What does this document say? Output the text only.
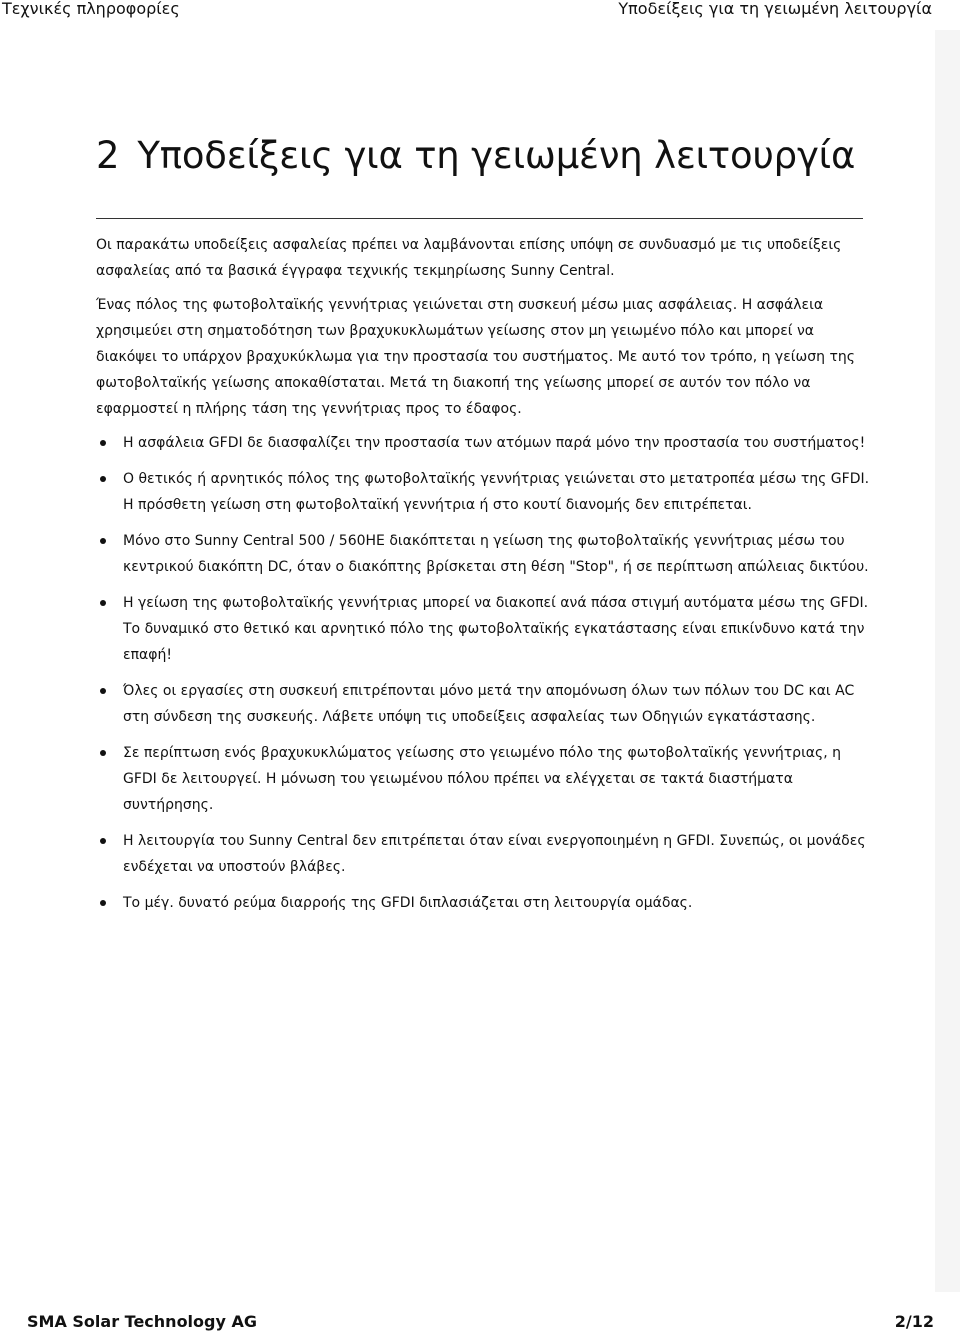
Τεχνικές πληροφορίες	Υποδείξεις για τη γειωμένη λειτουργία
2 Υποδείξεις για τη γειωμένη λειτουργία

Οι παρακάτω υποδείξεις ασφαλείας πρέπει να λαμβάνονται επίσης υπόψη σε συνδυασμό με τις υποδείξεις ασφαλείας από τα βασικά έγγραφα τεχνικής τεκμηρίωσης Sunny Central.

Ένας πόλος της φωτοβολταϊκής γεννήτριας γειώνεται στη συσκευή μέσω μιας ασφάλειας. Η ασφάλεια χρησιμεύει στη σηματοδότηση των βραχυκυκλωμάτων γείωσης στον μη γειωμένο πόλο και μπορεί να διακόψει το υπάρχον βραχυκύκλωμα για την προστασία του συστήματος. Με αυτό τον τρόπο, η γείωση της φωτοβολταϊκής γείωσης αποκαθίσταται. Μετά τη διακοπή της γείωσης μπορεί σε αυτόν τον πόλο να εφαρμοστεί η πλήρης τάση της γεννήτριας προς το έδαφος.

Η ασφάλεια GFDI δε διασφαλίζει την προστασία των ατόμων παρά μόνο την προστασία του συστήματος!
Ο θετικός ή αρνητικός πόλος της φωτοβολταϊκής γεννήτριας γειώνεται στο μετατροπέα μέσω της GFDI. Η πρόσθετη γείωση στη φωτοβολταϊκή γεννήτρια ή στο κουτί διανομής δεν επιτρέπεται.
Μόνο στο Sunny Central 500 / 560HE διακόπτεται η γείωση της φωτοβολταϊκής γεννήτριας μέσω του κεντρικού διακόπτη DC, όταν ο διακόπτης βρίσκεται στη θέση "Stop", ή σε περίπτωση απώλειας δικτύου.
Η γείωση της φωτοβολταϊκής γεννήτριας μπορεί να διακοπεί ανά πάσα στιγμή αυτόματα μέσω της GFDI. Το δυναμικό στο θετικό και αρνητικό πόλο της φωτοβολταϊκής εγκατάστασης είναι επικίνδυνο κατά την επαφή!
Όλες οι εργασίες στη συσκευή επιτρέπονται μόνο μετά την απομόνωση όλων των πόλων του DC και AC στη σύνδεση της συσκευής. Λάβετε υπόψη τις υποδείξεις ασφαλείας των Οδηγιών εγκατάστασης.
Σε περίπτωση ενός βραχυκυκλώματος γείωσης στο γειωμένο πόλο της φωτοβολταϊκής γεννήτριας, η GFDI δε λειτουργεί. Η μόνωση του γειωμένου πόλου πρέπει να ελέγχεται σε τακτά διαστήματα συντήρησης.
Η λειτουργία του Sunny Central δεν επιτρέπεται όταν είναι ενεργοποιημένη η GFDI. Συνεπώς, οι μονάδες ενδέχεται να υποστούν βλάβες.
Το μέγ. δυνατό ρεύμα διαρροής της GFDI διπλασιάζεται στη λειτουργία ομάδας.
SMA Solar Technology AG	2/12
